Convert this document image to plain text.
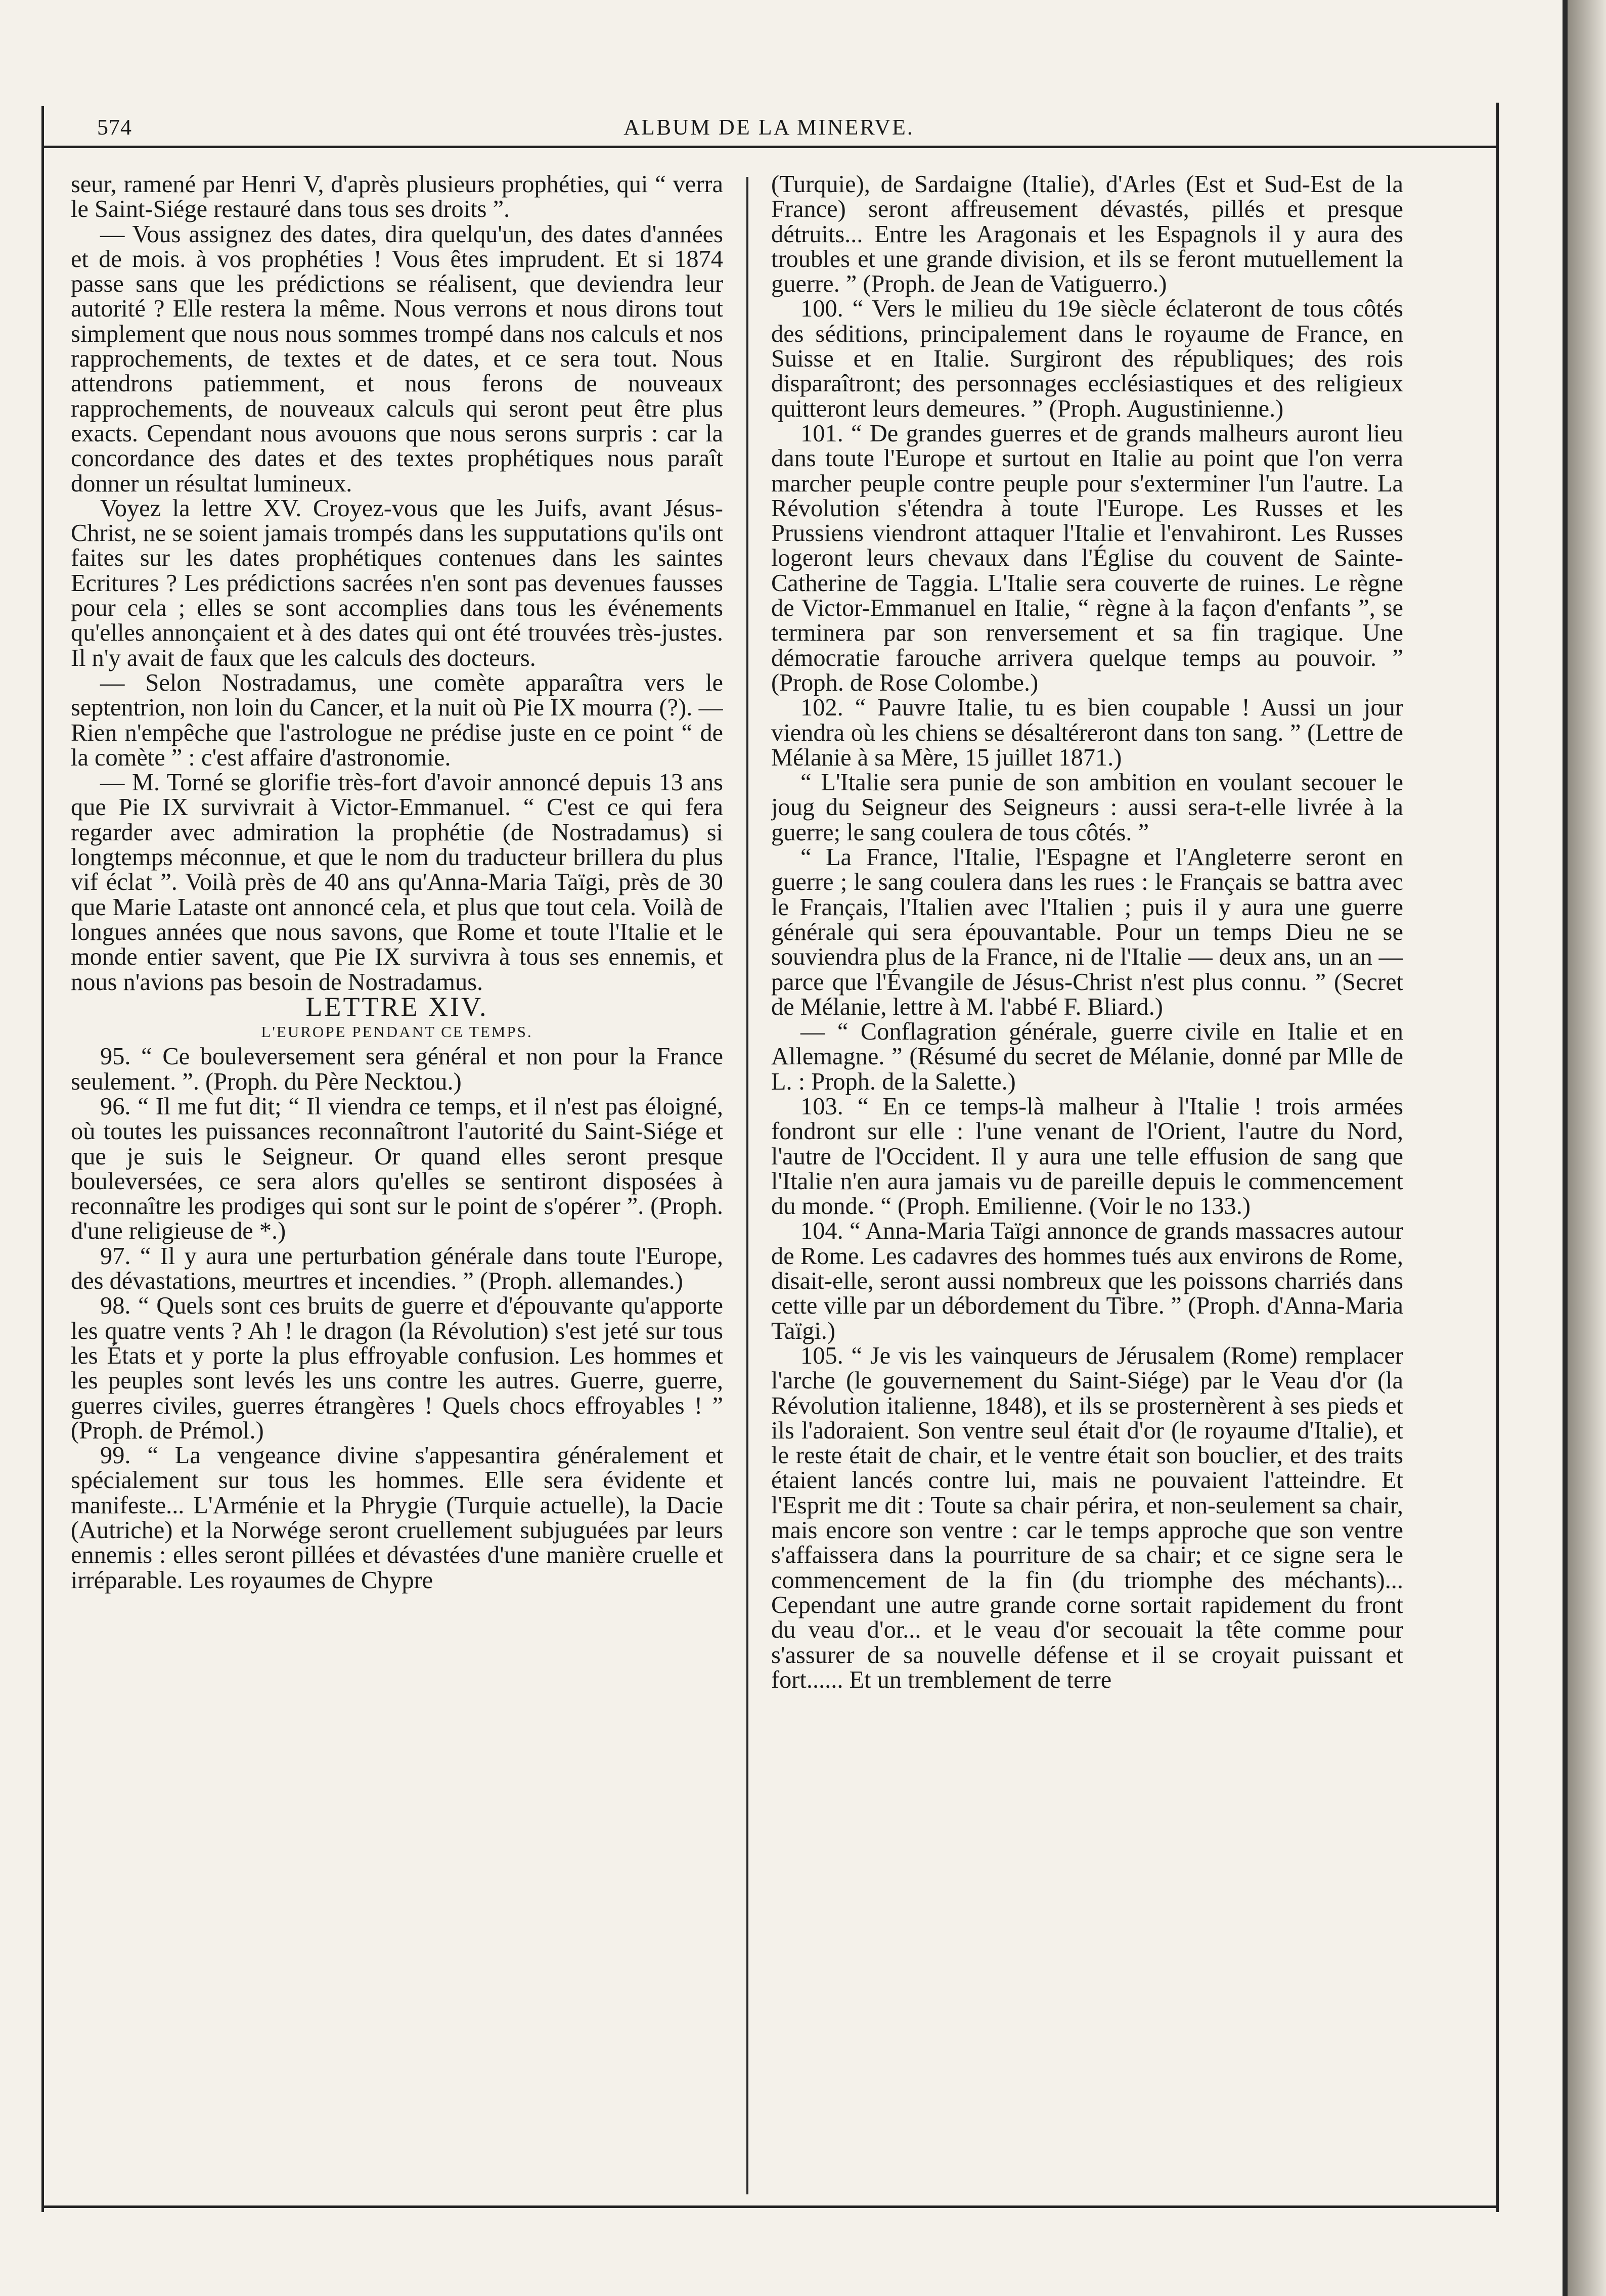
574	ALBUM DE LA MINERVE.

seur, ramené par Henri V, d'après plusieurs prophéties, qui “ verra le Saint-Siége restauré dans tous ses droits ”.

— Vous assignez des dates, dira quelqu'un, des dates d'années et de mois. à vos prophéties ! Vous êtes imprudent. Et si 1874 passe sans que les prédictions se réalisent, que deviendra leur autorité ? Elle restera la même. Nous verrons et nous dirons tout simplement que nous nous sommes trompé dans nos calculs et nos rapprochements, de textes et de dates, et ce sera tout. Nous attendrons patiemment, et nous ferons de nouveaux rapprochements, de nouveaux calculs qui seront peut être plus exacts. Cependant nous avouons que nous serons surpris : car la concordance des dates et des textes prophétiques nous paraît donner un résultat lumineux.

Voyez la lettre XV. Croyez-vous que les Juifs, avant Jésus-Christ, ne se soient jamais trompés dans les supputations qu'ils ont faites sur les dates prophétiques contenues dans les saintes Ecritures ? Les prédictions sacrées n'en sont pas devenues fausses pour cela ; elles se sont accomplies dans tous les événements qu'elles annonçaient et à des dates qui ont été trouvées très-justes. Il n'y avait de faux que les calculs des docteurs.

— Selon Nostradamus, une comète apparaîtra vers le septentrion, non loin du Cancer, et la nuit où Pie IX mourra (?). — Rien n'empêche que l'astrologue ne prédise juste en ce point “ de la comète ” : c'est affaire d'astronomie.

— M. Torné se glorifie très-fort d'avoir annoncé depuis 13 ans que Pie IX survivrait à Victor-Emmanuel. “ C'est ce qui fera regarder avec admiration la prophétie (de Nostradamus) si longtemps méconnue, et que le nom du traducteur brillera du plus vif éclat ”. Voilà près de 40 ans qu'Anna-Maria Taïgi, près de 30 que Marie Lataste ont annoncé cela, et plus que tout cela. Voilà de longues années que nous savons, que Rome et toute l'Italie et le monde entier savent, que Pie IX survivra à tous ses ennemis, et nous n'avions pas besoin de Nostradamus.

LETTRE XIV.

L'EUROPE PENDANT CE TEMPS.

95. “ Ce bouleversement sera général et non pour la France seulement. ”. (Proph. du Père Necktou.)

96. “ Il me fut dit; “ Il viendra ce temps, et il n'est pas éloigné, où toutes les puissances reconnaîtront l'autorité du Saint-Siége et que je suis le Seigneur. Or quand elles seront presque bouleversées, ce sera alors qu'elles se sentiront disposées à reconnaître les prodiges qui sont sur le point de s'opérer ”. (Proph. d'une religieuse de *.)

97. “ Il y aura une perturbation générale dans toute l'Europe, des dévastations, meurtres et incendies. ” (Proph. allemandes.)

98. “ Quels sont ces bruits de guerre et d'épouvante qu'apporte les quatre vents ? Ah ! le dragon (la Révolution) s'est jeté sur tous les États et y porte la plus effroyable confusion. Les hommes et les peuples sont levés les uns contre les autres. Guerre, guerre, guerres civiles, guerres étrangères ! Quels chocs effroyables ! ” (Proph. de Prémol.)

99. “ La vengeance divine s'appesantira généralement et spécialement sur tous les hommes. Elle sera évidente et manifeste... L'Arménie et la Phrygie (Turquie actuelle), la Dacie (Autriche) et la Norwége seront cruellement subjuguées par leurs ennemis : elles seront pillées et dévastées d'une manière cruelle et irréparable. Les royaumes de Chypre

(Turquie), de Sardaigne (Italie), d'Arles (Est et Sud-Est de la France) seront affreusement dévastés, pillés et presque détruits... Entre les Aragonais et les Espagnols il y aura des troubles et une grande division, et ils se feront mutuellement la guerre. ” (Proph. de Jean de Vatiguerro.)

100. “ Vers le milieu du 19e siècle éclateront de tous côtés des séditions, principalement dans le royaume de France, en Suisse et en Italie. Surgiront des républiques; des rois disparaîtront; des personnages ecclésiastiques et des religieux quitteront leurs demeures. ” (Proph. Augustinienne.)

101. “ De grandes guerres et de grands malheurs auront lieu dans toute l'Europe et surtout en Italie au point que l'on verra marcher peuple contre peuple pour s'exterminer l'un l'autre. La Révolution s'étendra à toute l'Europe. Les Russes et les Prussiens viendront attaquer l'Italie et l'envahiront. Les Russes logeront leurs chevaux dans l'Église du couvent de Sainte-Catherine de Taggia. L'Italie sera couverte de ruines. Le règne de Victor-Emmanuel en Italie, “ règne à la façon d'enfants ”, se terminera par son renversement et sa fin tragique. Une démocratie farouche arrivera quelque temps au pouvoir. ” (Proph. de Rose Colombe.)

102. “ Pauvre Italie, tu es bien coupable ! Aussi un jour viendra où les chiens se désaltéreront dans ton sang. ” (Lettre de Mélanie à sa Mère, 15 juillet 1871.)

“ L'Italie sera punie de son ambition en voulant secouer le joug du Seigneur des Seigneurs : aussi sera-t-elle livrée à la guerre; le sang coulera de tous côtés. ”

“ La France, l'Italie, l'Espagne et l'Angleterre seront en guerre ; le sang coulera dans les rues : le Français se battra avec le Français, l'Italien avec l'Italien ; puis il y aura une guerre générale qui sera épouvantable. Pour un temps Dieu ne se souviendra plus de la France, ni de l'Italie — deux ans, un an — parce que l'Évangile de Jésus-Christ n'est plus connu. ” (Secret de Mélanie, lettre à M. l'abbé F. Bliard.)

— “ Conflagration générale, guerre civile en Italie et en Allemagne. ” (Résumé du secret de Mélanie, donné par Mlle de L. : Proph. de la Salette.)

103. “ En ce temps-là malheur à l'Italie ! trois armées fondront sur elle : l'une venant de l'Orient, l'autre du Nord, l'autre de l'Occident. Il y aura une telle effusion de sang que l'Italie n'en aura jamais vu de pareille depuis le commencement du monde. “ (Proph. Emilienne. (Voir le no 133.)

104. “ Anna-Maria Taïgi annonce de grands massacres autour de Rome. Les cadavres des hommes tués aux environs de Rome, disait-elle, seront aussi nombreux que les poissons charriés dans cette ville par un débordement du Tibre. ” (Proph. d'Anna-Maria Taïgi.)

105. “ Je vis les vainqueurs de Jérusalem (Rome) remplacer l'arche (le gouvernement du Saint-Siége) par le Veau d'or (la Révolution italienne, 1848), et ils se prosternèrent à ses pieds et ils l'adoraient. Son ventre seul était d'or (le royaume d'Italie), et le reste était de chair, et le ventre était son bouclier, et des traits étaient lancés contre lui, mais ne pouvaient l'atteindre. Et l'Esprit me dit : Toute sa chair périra, et non-seulement sa chair, mais encore son ventre : car le temps approche que son ventre s'affaissera dans la pourriture de sa chair; et ce signe sera le commencement de la fin (du triomphe des méchants)... Cependant une autre grande corne sortait rapidement du front du veau d'or... et le veau d'or secouait la tête comme pour s'assurer de sa nouvelle défense et il se croyait puissant et fort...... Et un tremblement de terre
